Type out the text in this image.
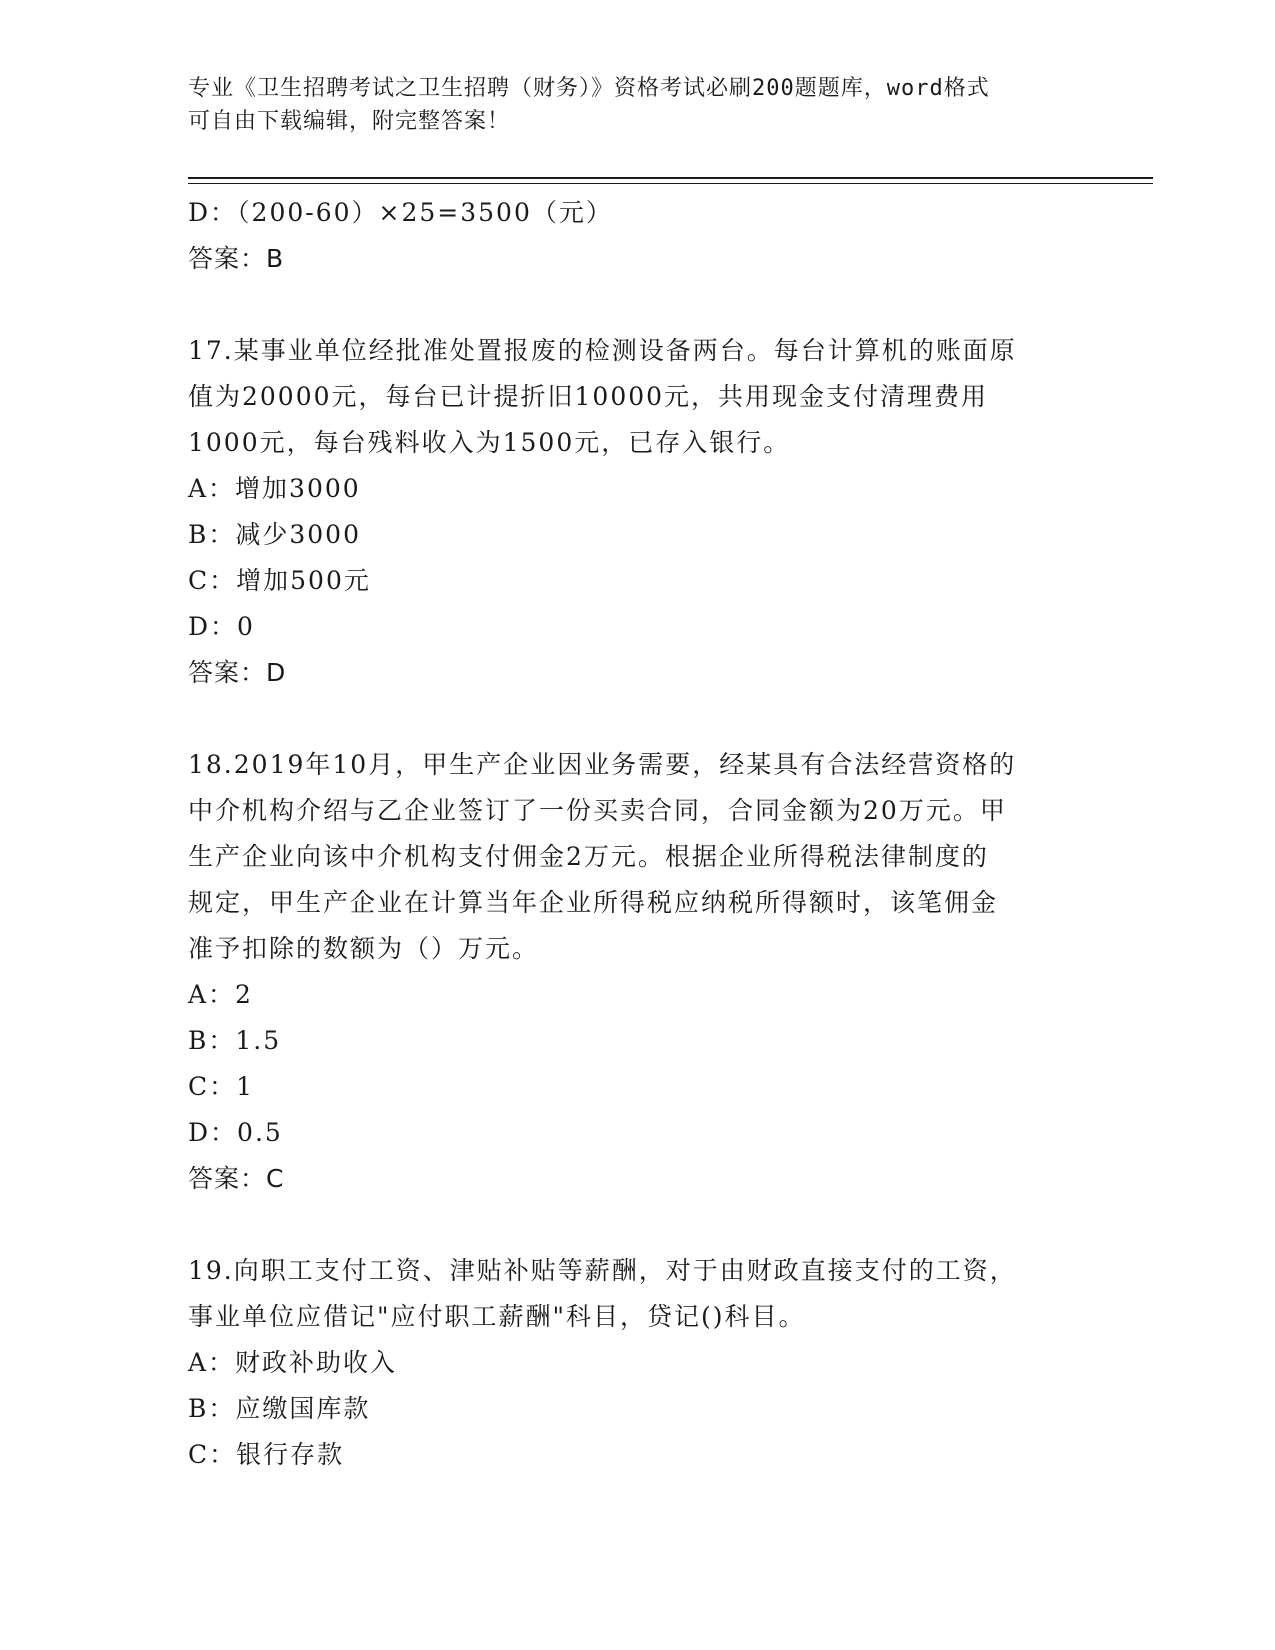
专业《卫生招聘考试之卫生招聘（财务）》资格考试必刷200题题库，word格式
可自由下载编辑，附完整答案！
D：（200-60）×25=3500（元）
答案：B
17.某事业单位经批准处置报废的检测设备两台。每台计算机的账面原
值为20000元，每台已计提折旧10000元，共用现金支付清理费用
1000元，每台残料收入为1500元，已存入银行。
A：增加3000
B：减少3000
C：增加500元
D：0
答案：D
18.2019年10月，甲生产企业因业务需要，经某具有合法经营资格的
中介机构介绍与乙企业签订了一份买卖合同，合同金额为20万元。甲
生产企业向该中介机构支付佣金2万元。根据企业所得税法律制度的
规定，甲生产企业在计算当年企业所得税应纳税所得额时，该笔佣金
准予扣除的数额为（）万元。
A：2
B：1.5
C：1
D：0.5
答案：C
19.向职工支付工资、津贴补贴等薪酬，对于由财政直接支付的工资，
事业单位应借记"应付职工薪酬"科目，贷记()科目。
A：财政补助收入
B：应缴国库款
C：银行存款
